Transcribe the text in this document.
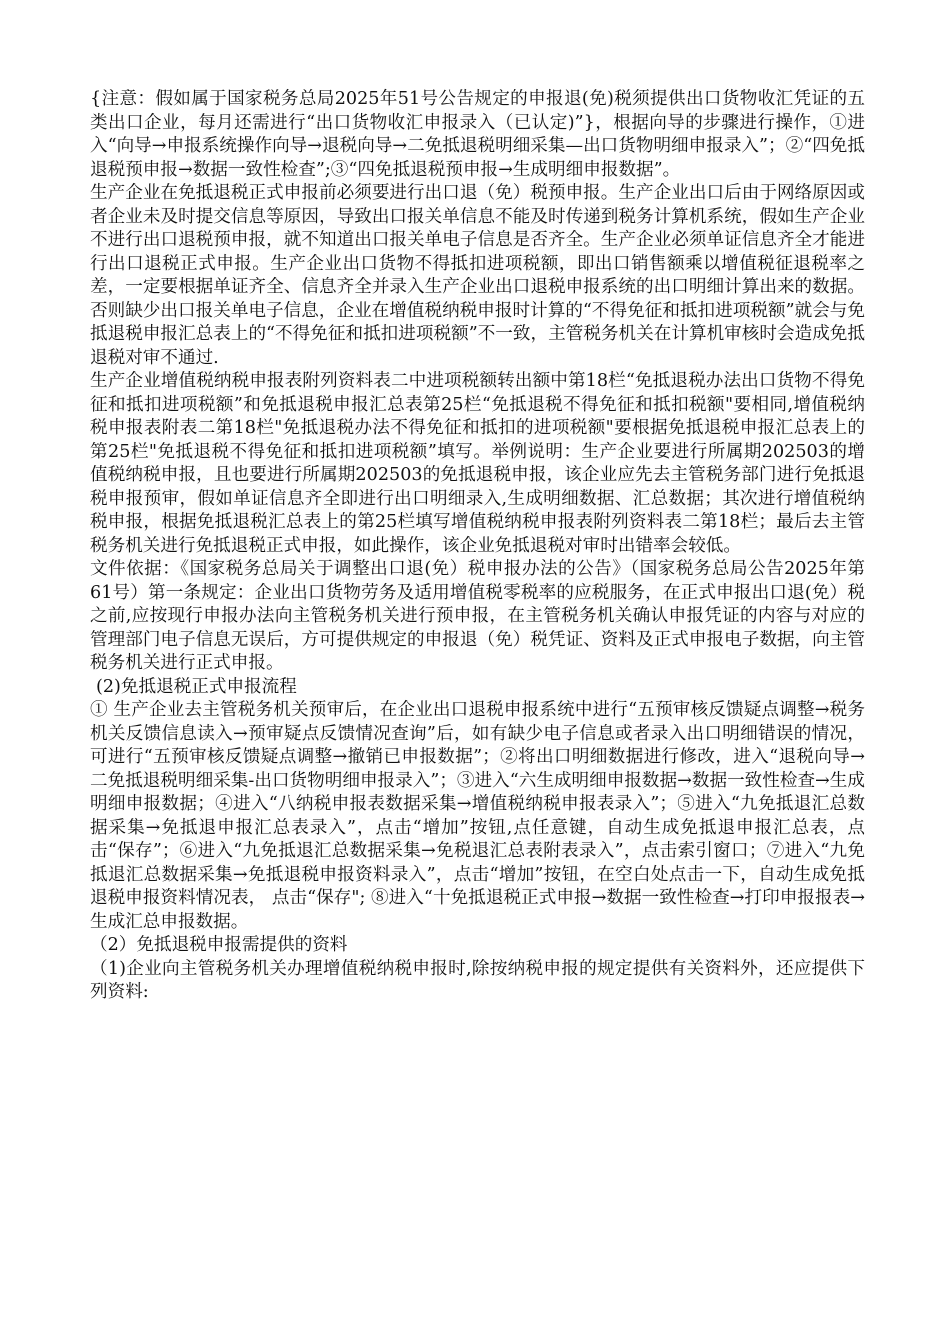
{注意：假如属于国家税务总局2025年51号公告规定的申报退(免)税须提供出口货物收汇凭证的五类出口企业，每月还需进行“出口货物收汇申报录入（已认定)”}，根据向导的步骤进行操作，①进入“向导→申报系统操作向导→退税向导→二免抵退税明细采集—出口货物明细申报录入”；②“四免抵退税预申报→数据一致性检查”;③“四免抵退税预申报→生成明细申报数据”。

生产企业在免抵退税正式申报前必须要进行出口退（免）税预申报。生产企业出口后由于网络原因或者企业未及时提交信息等原因，导致出口报关单信息不能及时传递到税务计算机系统，假如生产企业不进行出口退税预申报，就不知道出口报关单电子信息是否齐全。生产企业必须单证信息齐全才能进行出口退税正式申报。生产企业出口货物不得抵扣进项税额，即出口销售额乘以增值税征退税率之差，一定要根据单证齐全、信息齐全并录入生产企业出口退税申报系统的出口明细计算出来的数据。否则缺少出口报关单电子信息，企业在增值税纳税申报时计算的“不得免征和抵扣进项税额”就会与免抵退税申报汇总表上的“不得免征和抵扣进项税额”不一致，主管税务机关在计算机审核时会造成免抵退税对审不通过.

生产企业增值税纳税申报表附列资料表二中进项税额转出额中第18栏“免抵退税办法出口货物不得免征和抵扣进项税额”和免抵退税申报汇总表第25栏“免抵退税不得免征和抵扣税额"要相同,增值税纳税申报表附表二第18栏"免抵退税办法不得免征和抵扣的进项税额"要根据免抵退税申报汇总表上的第25栏"免抵退税不得免征和抵扣进项税额”填写。举例说明：生产企业要进行所属期202503的增值税纳税申报，且也要进行所属期202503的免抵退税申报，该企业应先去主管税务部门进行免抵退税申报预审，假如单证信息齐全即进行出口明细录入,生成明细数据、汇总数据；其次进行增值税纳税申报，根据免抵退税汇总表上的第25栏填写增值税纳税申报表附列资料表二第18栏；最后去主管税务机关进行免抵退税正式申报，如此操作，该企业免抵退税对审时出错率会较低。

文件依据：《国家税务总局关于调整出口退(免）税申报办法的公告》（国家税务总局公告2025年第61号）第一条规定：企业出口货物劳务及适用增值税零税率的应税服务，在正式申报出口退(免）税之前,应按现行申报办法向主管税务机关进行预申报，在主管税务机关确认申报凭证的内容与对应的管理部门电子信息无误后，方可提供规定的申报退（免）税凭证、资料及正式申报电子数据，向主管税务机关进行正式申报。

(2)免抵退税正式申报流程

① 生产企业去主管税务机关预审后，在企业出口退税申报系统中进行“五预审核反馈疑点调整→税务机关反馈信息读入→预审疑点反馈情况查询”后，如有缺少电子信息或者录入出口明细错误的情况，可进行“五预审核反馈疑点调整→撤销已申报数据”；②将出口明细数据进行修改，进入“退税向导→二免抵退税明细采集-出口货物明细申报录入”；③进入“六生成明细申报数据→数据一致性检查→生成明细申报数据；④进入“八纳税申报表数据采集→增值税纳税申报表录入”；⑤进入“九免抵退汇总数据采集→免抵退申报汇总表录入”，点击“增加”按钮,点任意键，自动生成免抵退申报汇总表，点击“保存”；⑥进入“九免抵退汇总数据采集→免税退汇总表附表录入”，点击索引窗口；⑦进入“九免抵退汇总数据采集→免抵退税申报资料录入”，点击“增加”按钮，在空白处点击一下，自动生成免抵退税申报资料情况表， 点击“保存"; ⑧进入“十免抵退税正式申报→数据一致性检查→打印申报报表→生成汇总申报数据。

（2）免抵退税申报需提供的资料

（1)企业向主管税务机关办理增值税纳税申报时,除按纳税申报的规定提供有关资料外，还应提供下列资料:
